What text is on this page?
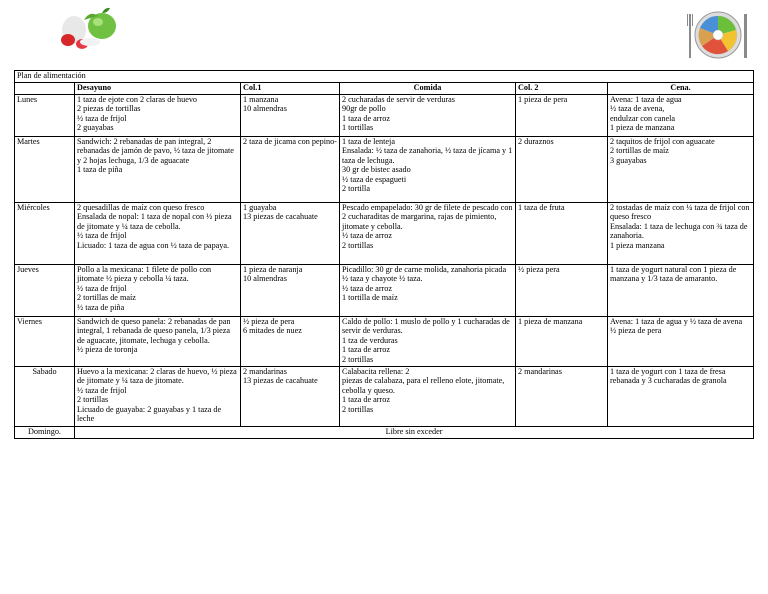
Plan de alimentación					
	Desayuno	Col.1	Comida	Col. 2	Cena.
Lunes	1 taza de ejote con 2 claras de huevo
2 piezas de tortillas
½ taza de frijol
2 guayabas	1 manzana
10 almendras	2 cucharadas de servir de verduras
90gr de pollo
1 taza de arroz
1 tortillas	1 pieza de pera	Avena: 1 taza de agua
½ taza de avena,
endulzar con canela
1 pieza de manzana

Martes	Sandwich: 2 rebanadas de pan integral, 2 rebanadas de jamón de pavo, ½ taza de jitomate y 2 hojas lechuga, 1/3 de aguacate
1 taza de piña	2 taza de jicama con pepino-	1 taza de lenteja
Ensalada: ½ taza de zanahoria, ½ taza de jícama y 1 taza de lechuga.
30 gr de bistec asado
½ taza de espagueti
2 tortilla	2 duraznos	2 taquitos de frijol con aguacate
2 tortillas de maíz
3 guayabas

Miércoles	2 quesadillas de maíz con queso fresco
Ensalada de nopal: 1 taza de nopal con ½ pieza de jitomate y ¼ taza de cebolla.
½ taza de frijol
Licuado: 1 taza de agua con ½ taza de papaya.	1 guayaba
13 piezas de cacahuate	Pescado empapelado: 30 gr de filete de pescado con 2 cucharaditas de margarina, rajas de pimiento, jitomate y cebolla.
½ taza de arroz
2 tortillas	1 taza de fruta	2 tostadas de maíz con ¼ taza de frijol con queso fresco
Ensalada: 1 taza de lechuga con ¾ taza de zanahoria.
1 pieza manzana

Jueves	Pollo a la mexicana: 1 filete de pollo con jitomate ½ pieza y cebolla ¼ taza.
½ taza de frijol
2 tortillas de maíz
½ taza de piña	1 pieza de naranja
10 almendras	Picadillo: 30 gr de carne molida, zanahoria picada ½ taza y chayote ½ taza.
½ taza de arroz
1 tortilla de maíz	½ pieza pera	1 taza de yogurt natural con 1 pieza de manzana y 1/3 taza de amaranto.

Viernes	Sandwich de queso panela: 2 rebanadas de pan integral, 1 rebanada de queso panela, 1/3 pieza de aguacate, jitomate, lechuga y cebolla.
½ pieza de toronja	½ pieza de pera
6 mitades de nuez	Caldo de pollo: 1 muslo de pollo y 1 cucharadas de servir de verduras.
1 tza de verduras
1 taza de arroz
2 tortillas	1 pieza de manzana	Avena: 1 taza de agua y ½ taza de avena
½ pieza de pera

Sabado	Huevo a la mexicana: 2 claras de huevo, ½ pieza de jitomate y ¼ taza de jitomate.
½ taza de frijol
2 tortillas
Licuado de guayaba: 2 guayabas y 1 taza de leche	2 mandarinas
13 piezas de cacahuate	Calabacita rellena: 2
piezas de calabaza, para el relleno elote, jitomate, cebolla y queso.
1 taza de arroz
2 tortillas	2 mandarinas	1 taza de yogurt con 1 taza de fresa rebanada y 3 cucharadas de granola

Domingo.	Libre sin exceder				
